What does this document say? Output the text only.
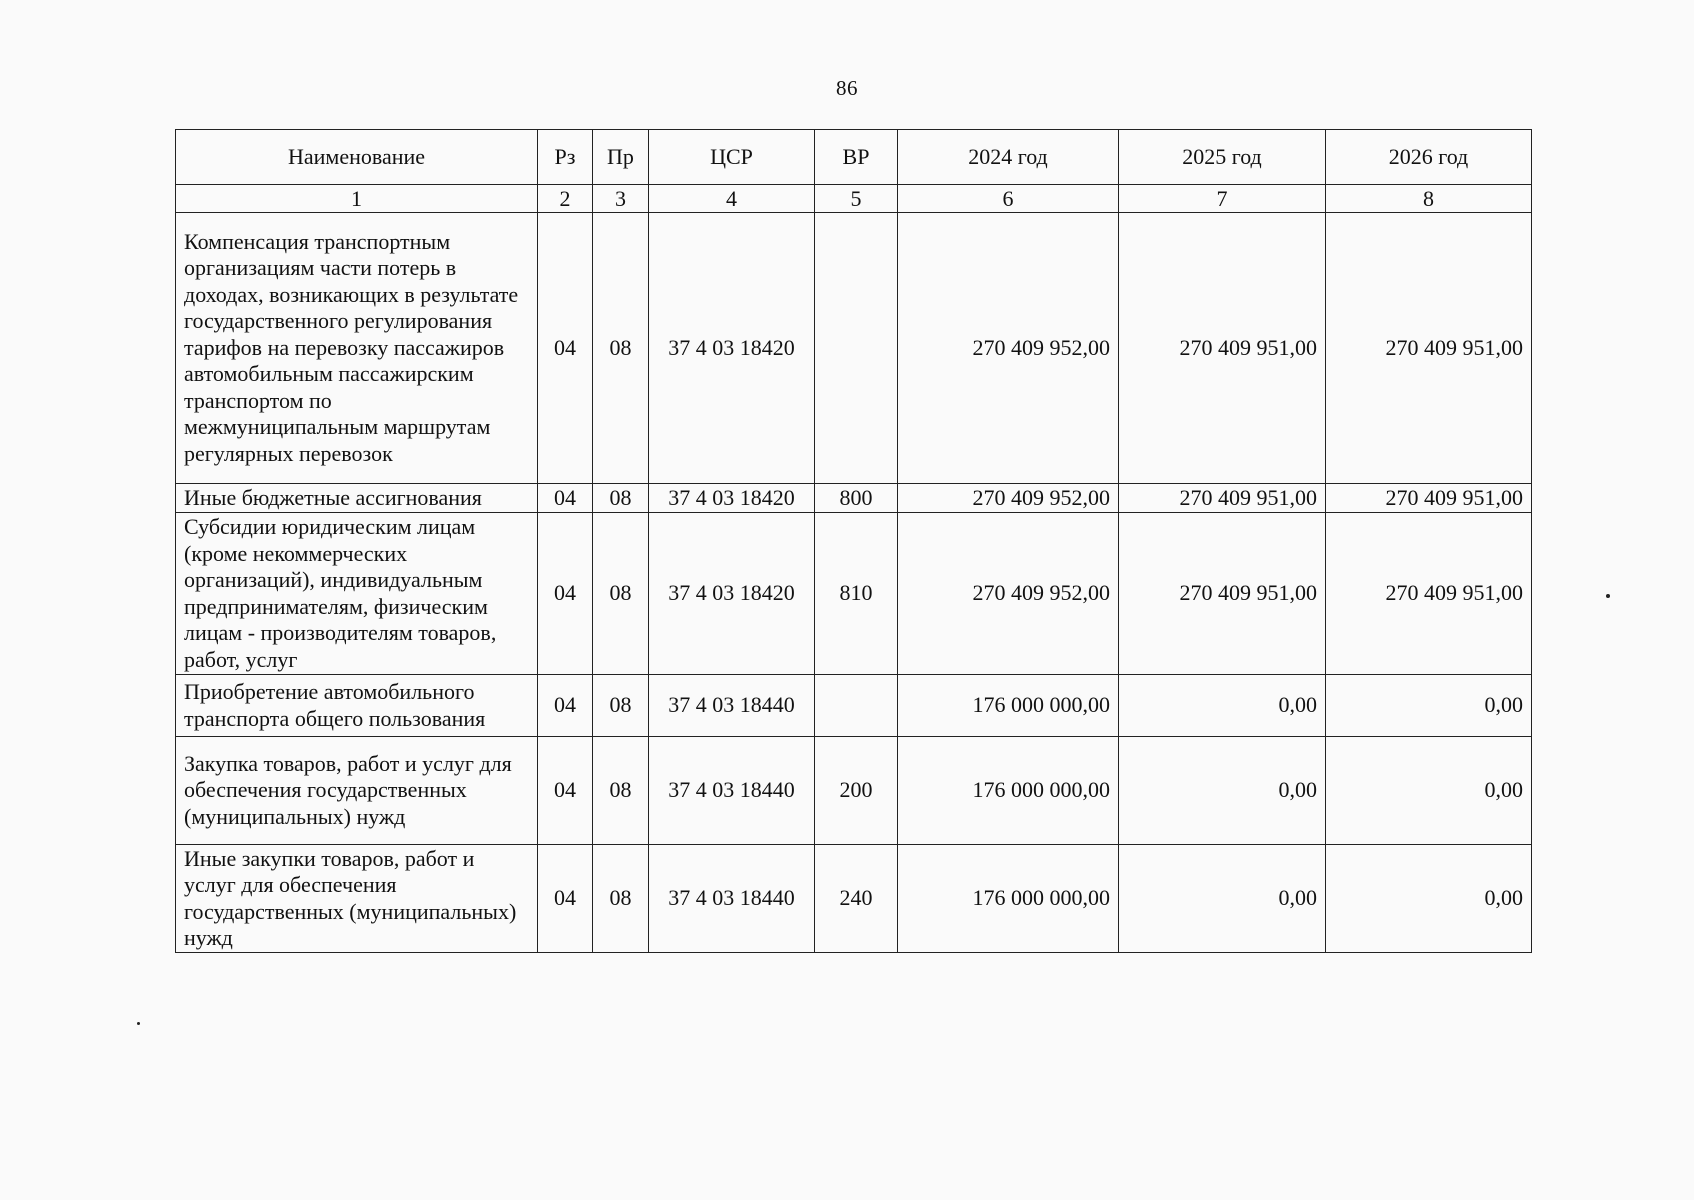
86
Наименование	Рз	Пр	ЦСР	ВР	2024 год	2025 год	2026 год
1	2	3	4	5	6	7	8
Компенсация транспортным организациям части потерь в доходах, возникающих в результате государственного регулирования тарифов на перевозку пассажиров автомобильным пассажирским транспортом по межмуниципальным маршрутам регулярных перевозок	04	08	37 4 03 18420		270 409 952,00	270 409 951,00	270 409 951,00
Иные бюджетные ассигнования	04	08	37 4 03 18420	800	270 409 952,00	270 409 951,00	270 409 951,00
Субсидии юридическим лицам (кроме некоммерческих организаций), индивидуальным предпринимателям, физическим лицам - производителям товаров, работ, услуг	04	08	37 4 03 18420	810	270 409 952,00	270 409 951,00	270 409 951,00
Приобретение автомобильного транспорта общего пользования	04	08	37 4 03 18440		176 000 000,00	0,00	0,00
Закупка товаров, работ и услуг для обеспечения государственных (муниципальных) нужд	04	08	37 4 03 18440	200	176 000 000,00	0,00	0,00
Иные закупки товаров, работ и услуг для обеспечения государственных (муниципальных) нужд	04	08	37 4 03 18440	240	176 000 000,00	0,00	0,00
